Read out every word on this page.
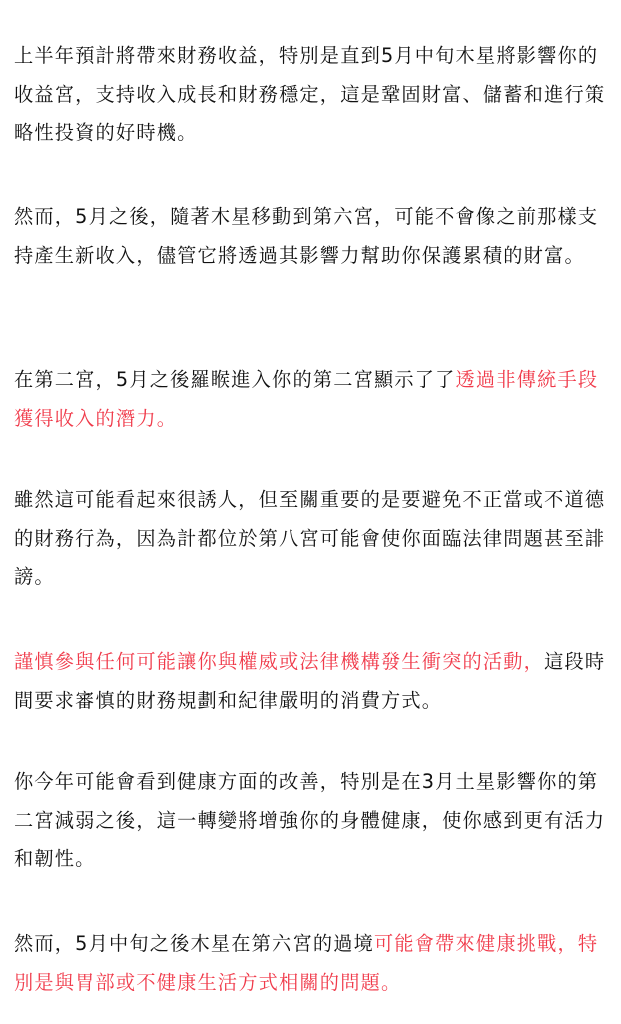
上半年預計將帶來財務收益，特別是直到5月中旬木星將影響你的收益宮，支持收入成長和財務穩定，這是鞏固財富、儲蓄和進行策略性投資的好時機。

然而，5月之後，隨著木星移動到第六宮，可能不會像之前那樣支持產生新收入，儘管它將透過其影響力幫助你保護累積的財富。

在第二宮，5月之後羅睺進入你的第二宮顯示了了透過非傳統手段獲得收入的潛力。

雖然這可能看起來很誘人，但至關重要的是要避免不正當或不道德的財務行為，因為計都位於第八宮可能會使你面臨法律問題甚至誹謗。

謹慎參與任何可能讓你與權威或法律機構發生衝突的活動，這段時間要求審慎的財務規劃和紀律嚴明的消費方式。

你今年可能會看到健康方面的改善，特別是在3月土星影響你的第二宮減弱之後，這一轉變將增強你的身體健康，使你感到更有活力和韌性。

然而，5月中旬之後木星在第六宮的過境可能會帶來健康挑戰，特別是與胃部或不健康生活方式相關的問題。
